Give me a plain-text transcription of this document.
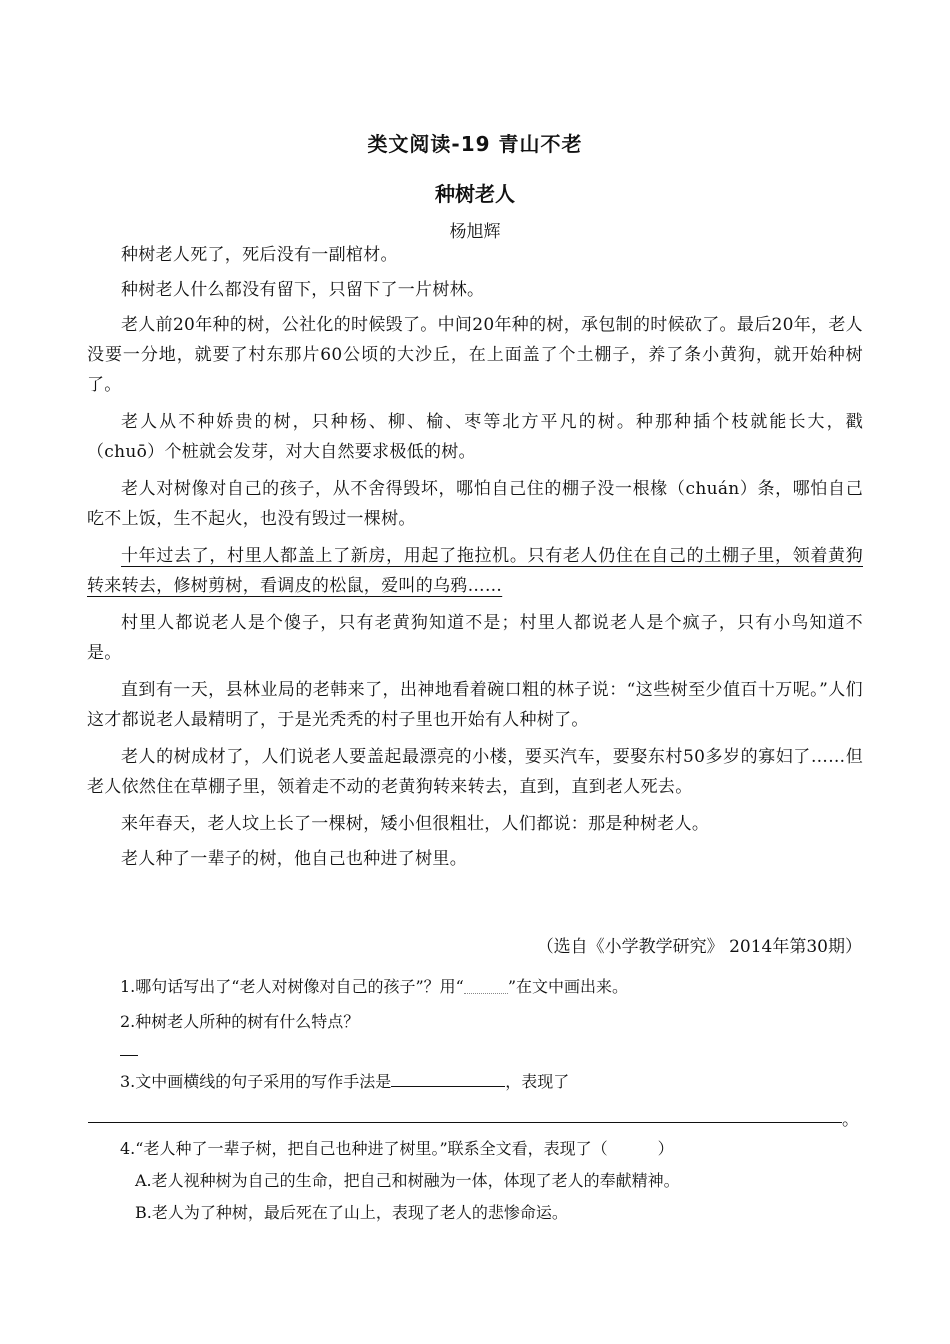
类文阅读-19 青山不老
种树老人
杨旭辉

种树老人死了，死后没有一副棺材。

种树老人什么都没有留下，只留下了一片树林。

老人前20年种的树，公社化的时候毁了。中间20年种的树，承包制的时候砍了。最后20年，老人没要一分地，就要了村东那片60公顷的大沙丘，在上面盖了个土棚子，养了条小黄狗，就开始种树了。

老人从不种娇贵的树，只种杨、柳、榆、枣等北方平凡的树。种那种插个枝就能长大，戳（chuō）个桩就会发芽，对大自然要求极低的树。

老人对树像对自己的孩子，从不舍得毁坏，哪怕自己住的棚子没一根椽（chuán）条，哪怕自己吃不上饭，生不起火，也没有毁过一棵树。

十年过去了，村里人都盖上了新房，用起了拖拉机。只有老人仍住在自己的土棚子里，领着黄狗转来转去，修树剪树，看调皮的松鼠，爱叫的乌鸦……

村里人都说老人是个傻子，只有老黄狗知道不是；村里人都说老人是个疯子，只有小鸟知道不是。

直到有一天，县林业局的老韩来了，出神地看着碗口粗的林子说：“这些树至少值百十万呢。”人们这才都说老人最精明了，于是光秃秃的村子里也开始有人种树了。

老人的树成材了，人们说老人要盖起最漂亮的小楼，要买汽车，要娶东村50多岁的寡妇了……但老人依然住在草棚子里，领着走不动的老黄狗转来转去，直到，直到老人死去。

来年春天，老人坟上长了一棵树，矮小但很粗壮，人们都说：那是种树老人。

老人种了一辈子的树，他自己也种进了树里。

（选自《小学教学研究》 2014年第30期）
1.哪句话写出了“老人对树像对自己的孩子”？用“	”在文中画出来。
2.种树老人所种的树有什么特点？
3.文中画横线的句子采用的写作手法是	，表现了
。
4.“老人种了一辈子树，把自己也种进了树里。”联系全文看，表现了（	）
A.老人视种树为自己的生命，把自己和树融为一体，体现了老人的奉献精神。
B.老人为了种树，最后死在了山上，表现了老人的悲惨命运。
